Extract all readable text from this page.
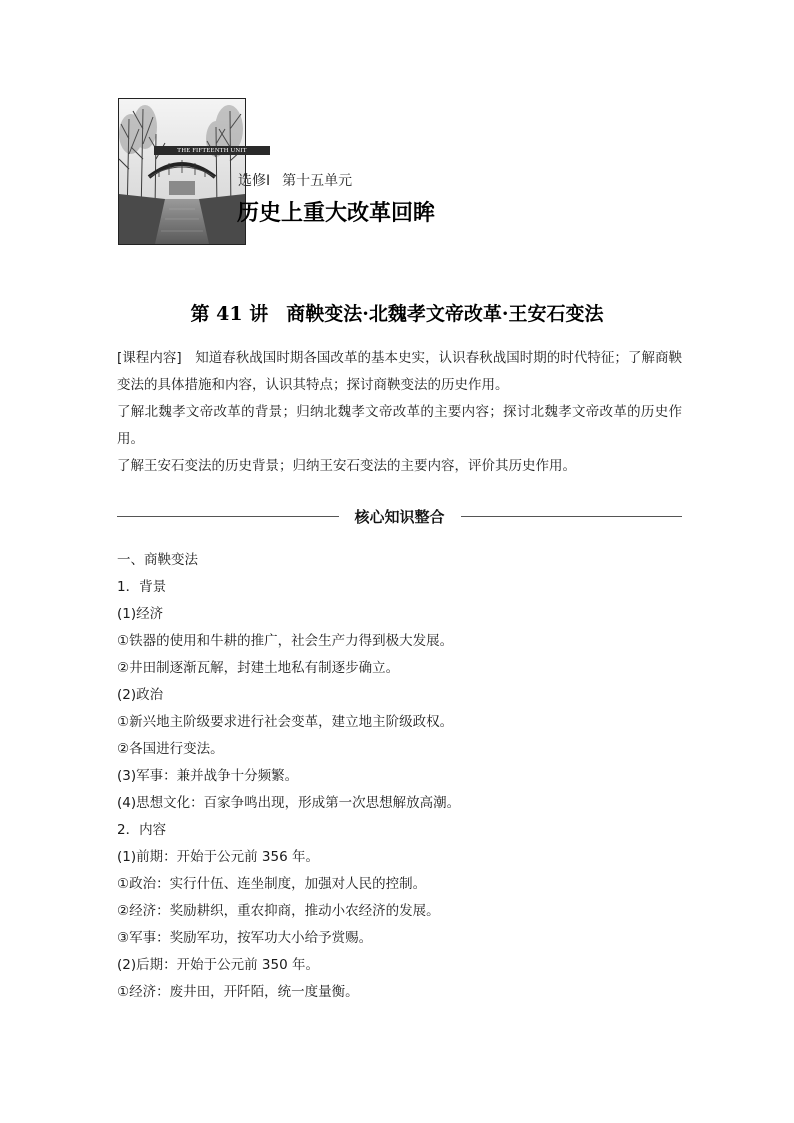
THE FIFTEENTH UNIT
选修Ⅰ 第十五单元
历史上重大改革回眸
第 41 讲 商鞅变法·北魏孝文帝改革·王安石变法

[课程内容]　知道春秋战国时期各国改革的基本史实，认识春秋战国时期的时代特征；了解商鞅变法的具体措施和内容，认识其特点；探讨商鞅变法的历史作用。

了解北魏孝文帝改革的背景；归纳北魏孝文帝改革的主要内容；探讨北魏孝文帝改革的历史作用。

了解王安石变法的历史背景；归纳王安石变法的主要内容，评价其历史作用。

核心知识整合

一、商鞅变法

1．背景

(1)经济

①铁器的使用和牛耕的推广，社会生产力得到极大发展。

②井田制逐渐瓦解，封建土地私有制逐步确立。

(2)政治

①新兴地主阶级要求进行社会变革，建立地主阶级政权。

②各国进行变法。

(3)军事：兼并战争十分频繁。

(4)思想文化：百家争鸣出现，形成第一次思想解放高潮。

2．内容

(1)前期：开始于公元前 356 年。

①政治：实行什伍、连坐制度，加强对人民的控制。

②经济：奖励耕织，重农抑商，推动小农经济的发展。

③军事：奖励军功，按军功大小给予赏赐。

(2)后期：开始于公元前 350 年。

①经济：废井田，开阡陌，统一度量衡。
